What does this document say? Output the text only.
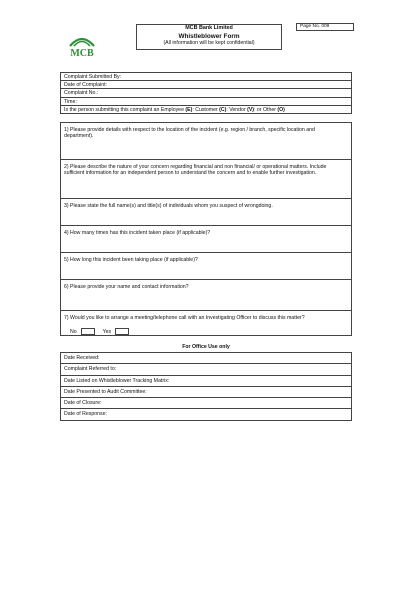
MCB
MCB Bank Limited
Whistleblower Form
(All information will be kept confidential)
Page No. 009
Complaint Submitted By:
Date of Complaint:
Complaint No.:
Time:
Is the person submitting this complaint an Employee (E): Customer (C): Vendor (V): or Other (O)
1) Please provide details with respect to the location of the incident (e.g. region / branch, specific location and department).
2) Please describe the nature of your concern regarding financial and non financial/ or operational matters. Include sufficient information for an independent person to understand the concern and to enable further investigation.
3) Please state the full name(s) and title(s) of individuals whom you suspect of wrongdoing.
4) How many times has this incident taken place (if applicable)?
5) How long this incident been taking place (if applicable)?
6) Please provide your name and contact information?
7) Would you like to arrange a meeting/telephone call with an Investigating Officer to discuss this matter?
No	Yes
For Office Use only
Date Received:
Complaint Referred to:
Date Listed on Whistleblower Tracking Matrix:
Date Presented to Audit Committee:
Date of Closure:
Date of Response:
